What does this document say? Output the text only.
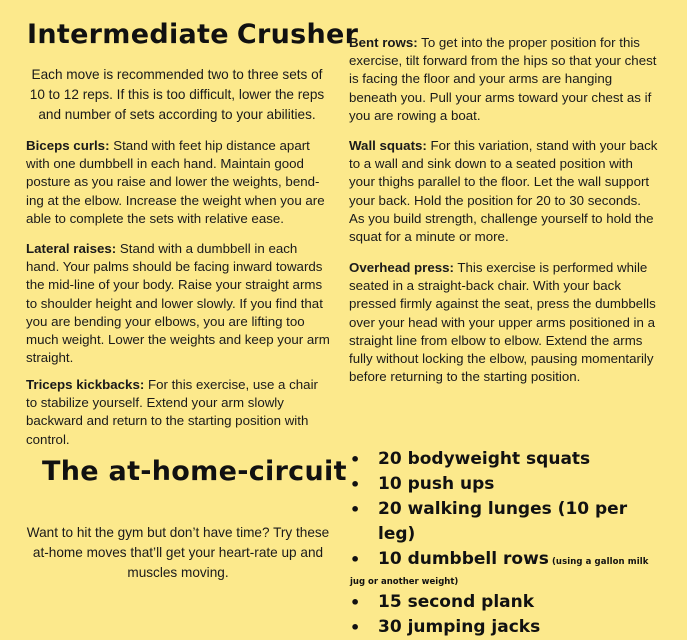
Intermediate Crusher

Each move is recommended two to three sets of 10 to 12 reps. If this is too difficult, lower the reps and number of sets according to your abilities.

Biceps curls: Stand with feet hip distance apart with one dumbbell in each hand. Maintain good posture as you raise and lower the weights, bending at the elbow. Increase the weight when you are able to complete the sets with relative ease.

Lateral raises: Stand with a dumbbell in each hand. Your palms should be facing inward towards the mid-line of your body. Raise your straight arms to shoulder height and lower slowly. If you find that you are bending your elbows, you are lifting too much weight. Lower the weights and keep your arm straight.

Triceps kickbacks: For this exercise, use a chair to stabilize yourself. Extend your arm slowly backward and return to the starting position with control.

Bent rows: To get into the proper position for this exercise, tilt forward from the hips so that your chest is facing the floor and your arms are hanging beneath you. Pull your arms toward your chest as if you are rowing a boat.

Wall squats: For this variation, stand with your back to a wall and sink down to a seated position with your thighs parallel to the floor. Let the wall support your back. Hold the position for 20 to 30 seconds. As you build strength, challenge yourself to hold the squat for a minute or more.

Overhead press: This exercise is performed while seated in a straight-back chair. With your back pressed firmly against the seat, press the dumbbells over your head with your upper arms positioned in a straight line from elbow to elbow. Extend the arms fully without locking the elbow, pausing momentarily before returning to the starting position.

The at-home-circuit

Want to hit the gym but don’t have time? Try these at-home moves that’ll get your heart-rate up and muscles moving.

• 20 bodyweight squats
• 10 push ups
• 20 walking lunges (10 per leg)
• 10 dumbbell rows (using a gallon milk
jug or another weight)
• 15 second plank
• 30 jumping jacks
